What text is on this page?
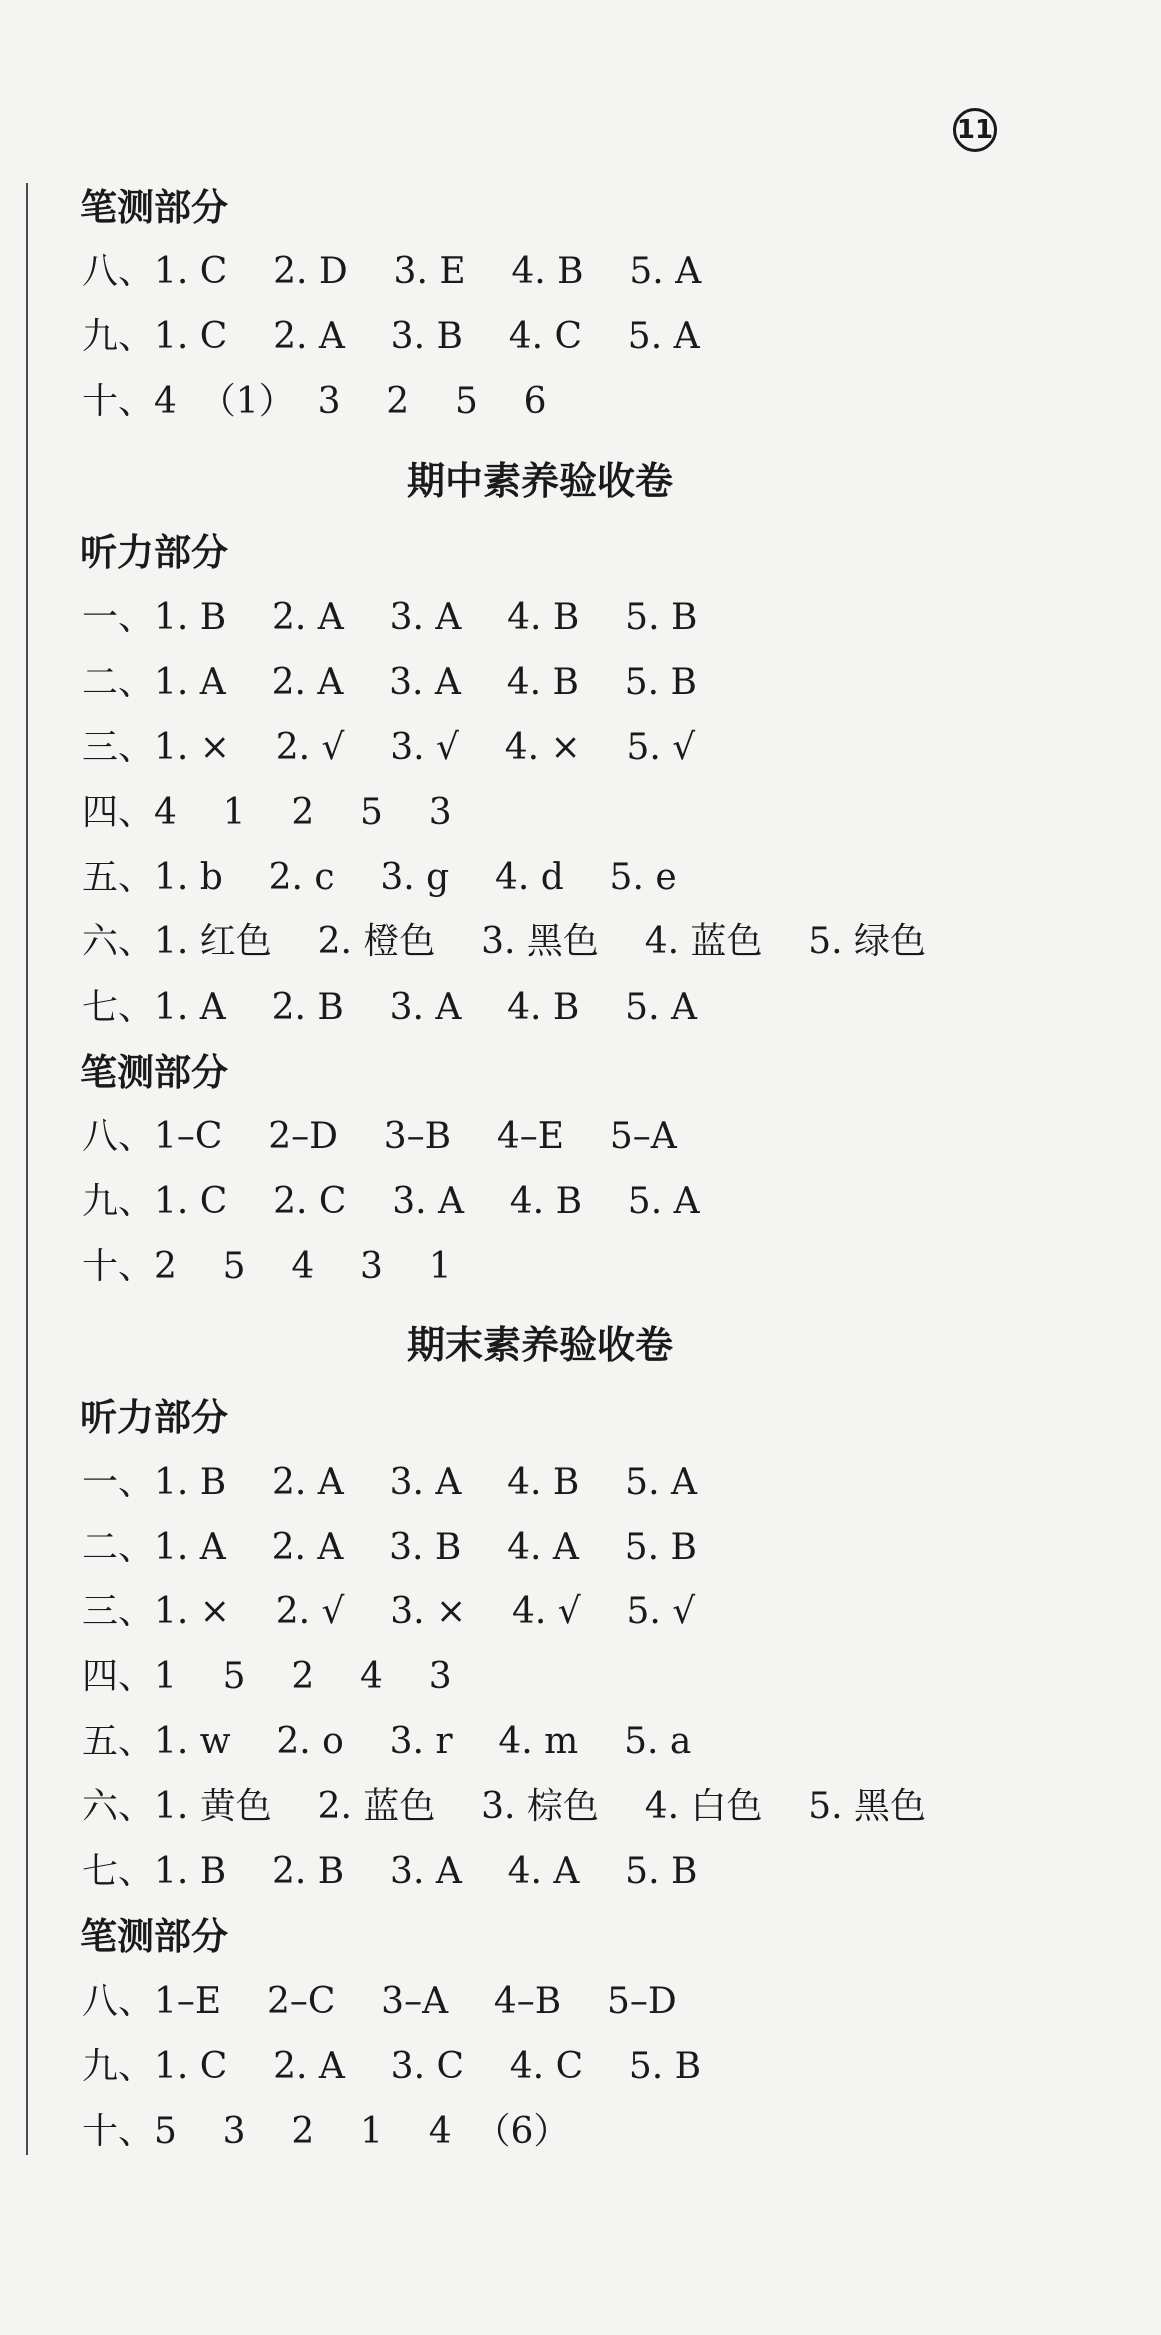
11
笔测部分
八、1. C    2. D    3. E    4. B    5. A
九、1. C    2. A    3. B    4. C    5. A
十、4  （1）  3    2    5    6
期中素养验收卷
听力部分
一、1. B    2. A    3. A    4. B    5. B
二、1. A    2. A    3. A    4. B    5. B
三、1. ×    2. √    3. √    4. ×    5. √
四、4    1    2    5    3
五、1. b    2. c    3. g    4. d    5. e
六、1. 红色    2. 橙色    3. 黑色    4. 蓝色    5. 绿色
七、1. A    2. B    3. A    4. B    5. A
笔测部分
八、1–C    2–D    3–B    4–E    5–A
九、1. C    2. C    3. A    4. B    5. A
十、2    5    4    3    1
期末素养验收卷
听力部分
一、1. B    2. A    3. A    4. B    5. A
二、1. A    2. A    3. B    4. A    5. B
三、1. ×    2. √    3. ×    4. √    5. √
四、1    5    2    4    3
五、1. w    2. o    3. r    4. m    5. a
六、1. 黄色    2. 蓝色    3. 棕色    4. 白色    5. 黑色
七、1. B    2. B    3. A    4. A    5. B
笔测部分
八、1–E    2–C    3–A    4–B    5–D
九、1. C    2. A    3. C    4. C    5. B
十、5    3    2    1    4  （6）
